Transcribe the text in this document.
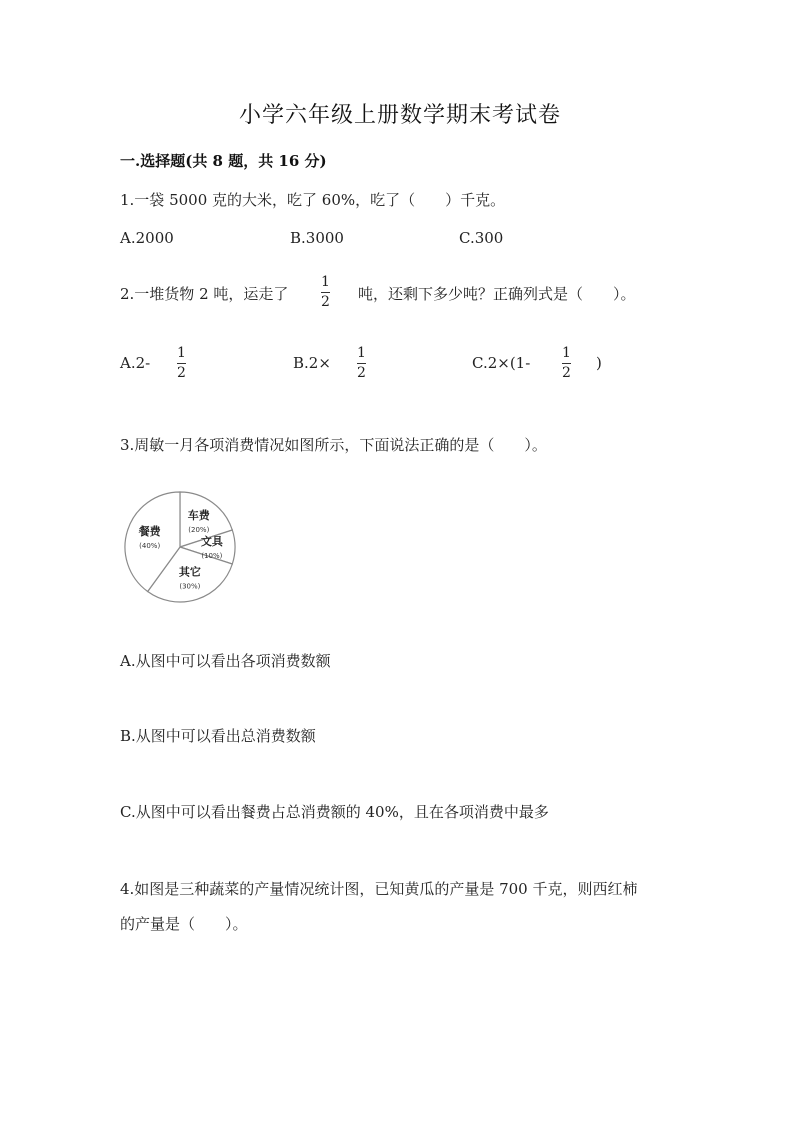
小学六年级上册数学期末考试卷
一.选择题(共 8 题，共 16 分)
1.一袋 5000 克的大米，吃了 60%，吃了（　　）千克。
A.2000	B.3000	C.300
2.一堆货物 2 吨，运走了
1
2 吨，还剩下多少吨？正确列式是（　　）。
A.2-
1
2
B.2×
1
2
C.2×(1-
1
2
)
3.周敏一月各项消费情况如图所示，下面说法正确的是（　　）。
车费
(20%)
文具
(10%)
其它
(30%)
餐费
(40%)
A.从图中可以看出各项消费数额
B.从图中可以看出总消费数额
C.从图中可以看出餐费占总消费额的 40%，且在各项消费中最多
4.如图是三种蔬菜的产量情况统计图，已知黄瓜的产量是 700 千克，则西红柿
的产量是（　　）。
